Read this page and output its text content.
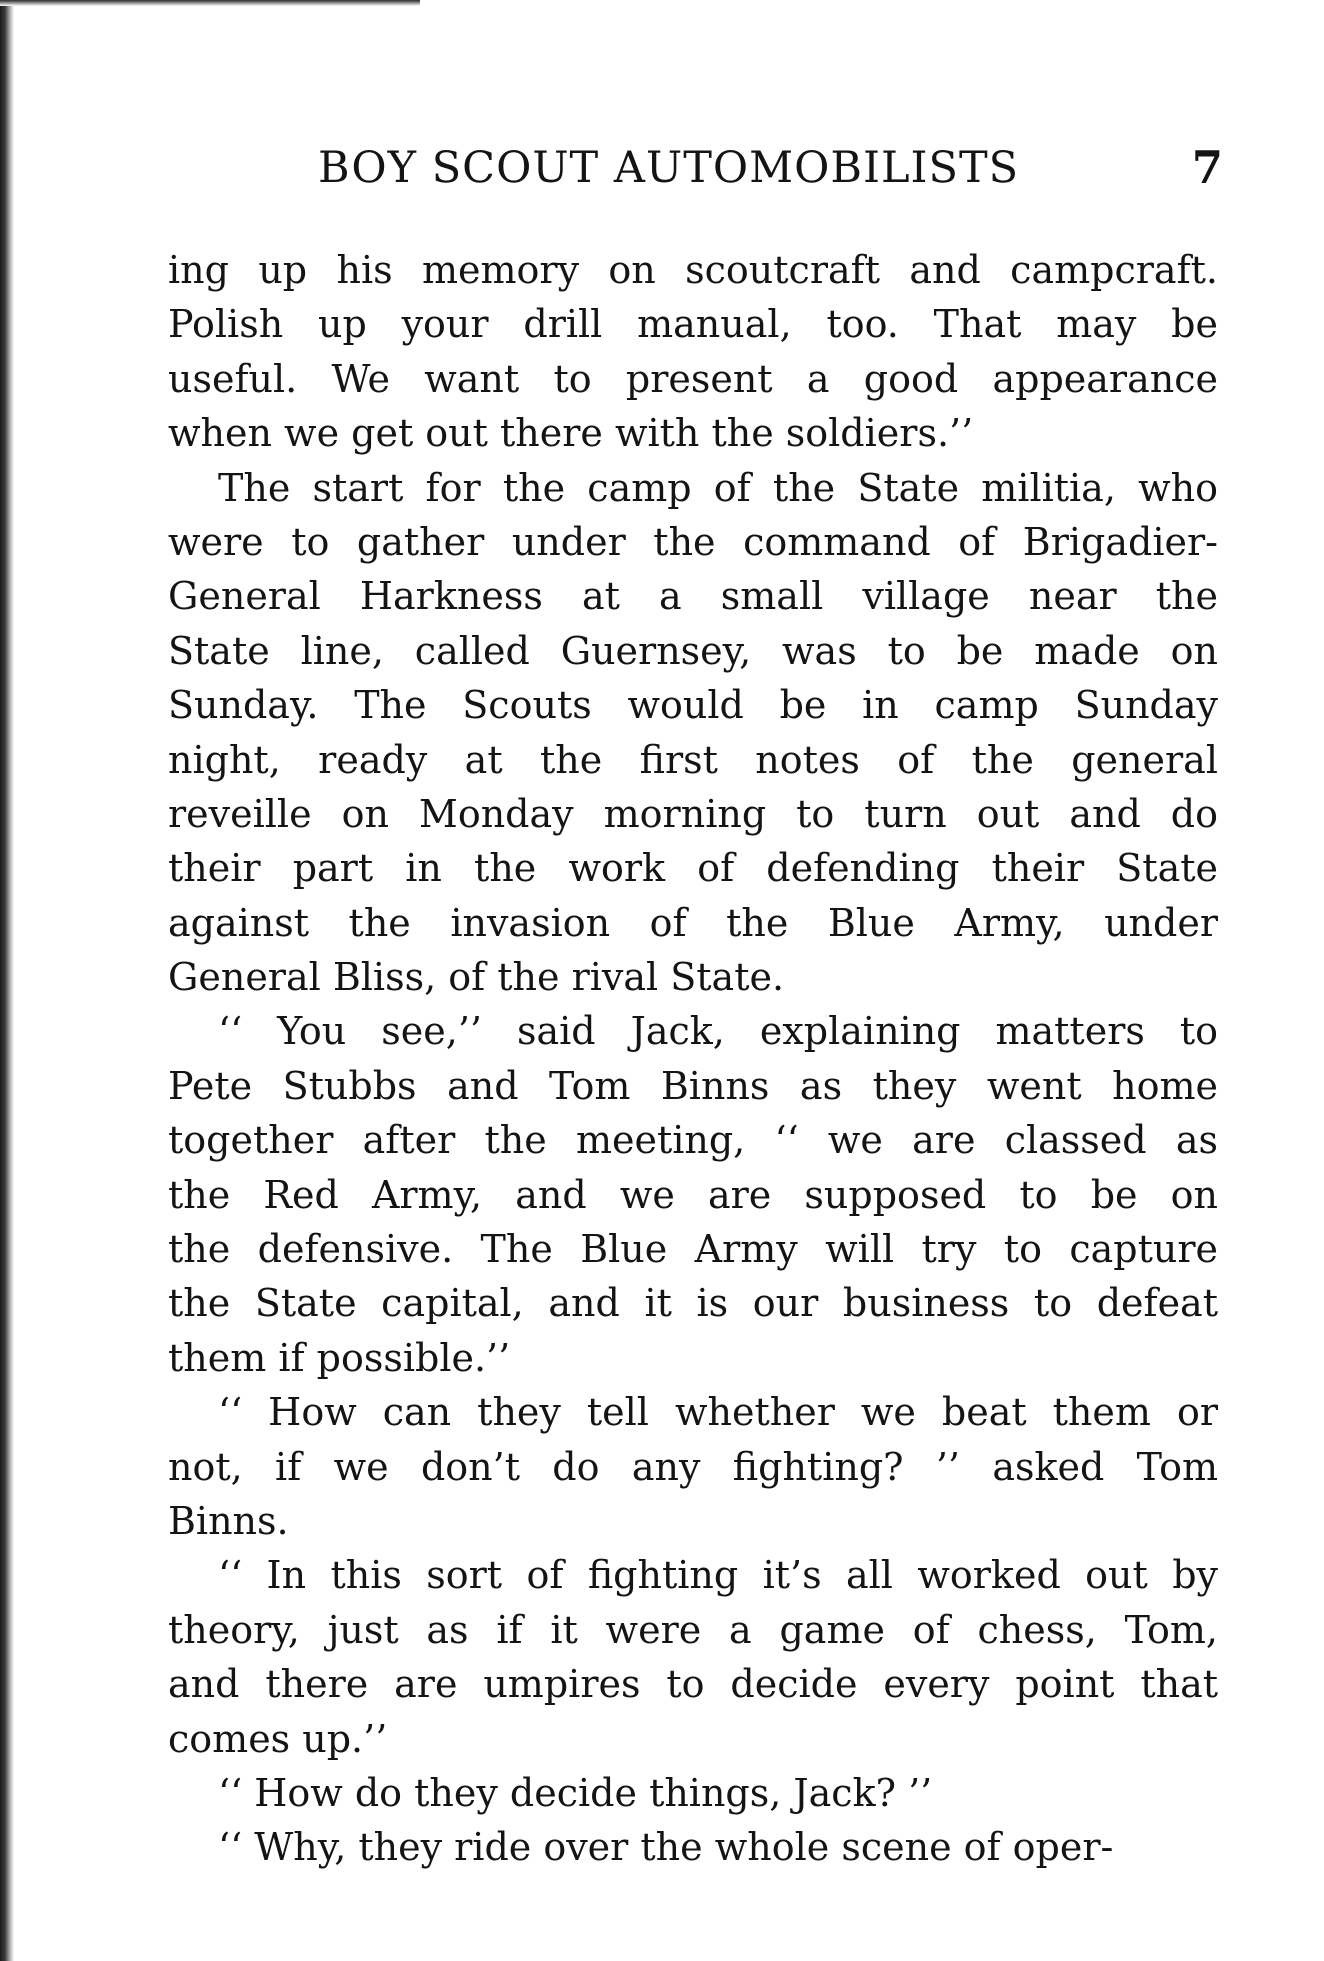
BOY SCOUT AUTOMOBILISTS	7
ing up his memory on scoutcraft and campcraft.
Polish up your drill manual, too. That may be
useful. We want to present a good appearance
when we get out there with the soldiers.’’
The start for the camp of the State militia, who
were to gather under the command of Brigadier-
General Harkness at a small village near the
State line, called Guernsey, was to be made on
Sunday. The Scouts would be in camp Sunday
night, ready at the first notes of the general
reveille on Monday morning to turn out and do
their part in the work of defending their State
against the invasion of the Blue Army, under
General Bliss, of the rival State.
‘‘ You see,’’ said Jack, explaining matters to
Pete Stubbs and Tom Binns as they went home
together after the meeting, ‘‘ we are classed as
the Red Army, and we are supposed to be on
the defensive. The Blue Army will try to capture
the State capital, and it is our business to defeat
them if possible.’’
‘‘ How can they tell whether we beat them or
not, if we don’t do any fighting? ’’ asked Tom
Binns.
‘‘ In this sort of fighting it’s all worked out by
theory, just as if it were a game of chess, Tom,
and there are umpires to decide every point that
comes up.’’
‘‘ How do they decide things, Jack? ’’
‘‘ Why, they ride over the whole scene of oper-
